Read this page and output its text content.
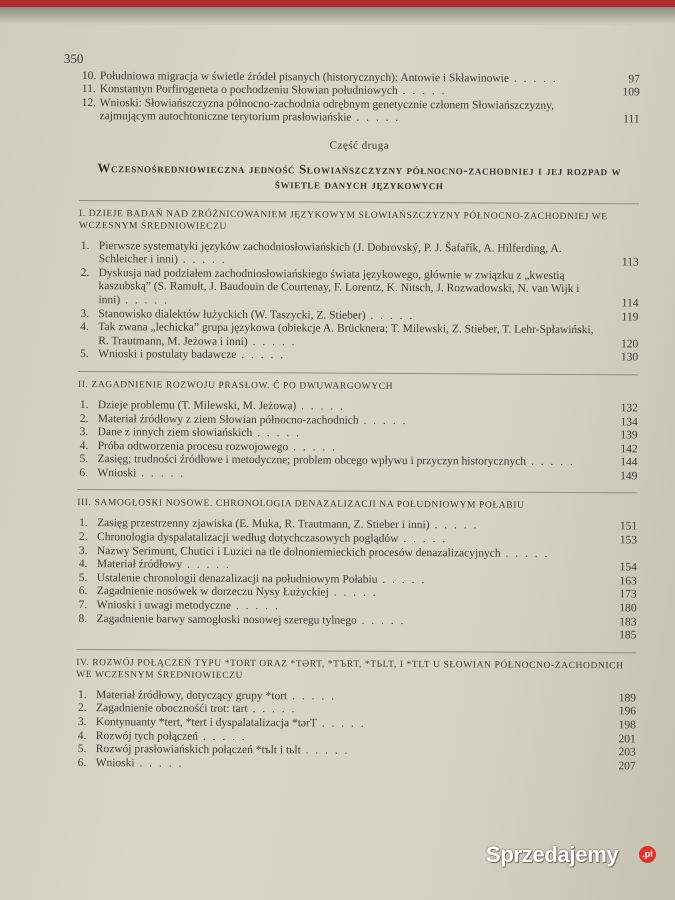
350
10. Południowa migracja w świetle źródeł pisanych (historycznych): Antowie i Skławinowie . . . . .	97
11. Konstantyn Porfirogeneta o pochodzeniu Słowian południowych . . . . .	109
12. Wnioski: Słowiańszczyzna północno-zachodnia odrębnym genetycznie członem Słowiańszczyzny, zajmującym autochtoniczne terytorium prasłowiańskie . . . . .	111
Część druga
Wczesnośredniowieczna jedność Słowiańszczyzny północno-zachodniej i jej rozpad w świetle danych językowych
I. DZIEJE BADAŃ NAD ZRÓŻNICOWANIEM JĘZYKOWYM SŁOWIAŃSZCZYZNY PÓŁNOCNO-ZACHODNIEJ WE WCZESNYM ŚREDNIOWIECZU
1. Pierwsze systematyki języków zachodniosłowiańskich (J. Dobrovský, P. J. Šafařík, A. Hilferding, A. Schleicher i inni) . . . . .	113
2. Dyskusja nad podziałem zachodniosłowiańskiego świata językowego, głównie w związku z „kwestią kaszubską” (S. Ramułt, J. Baudouin de Courtenay, F. Lorentz, K. Nitsch, J. Rozwadowski, N. van Wijk i inni) . . . . .	114
3. Stanowisko dialektów łużyckich (W. Taszycki, Z. Stieber) . . . . .	119
4. Tak zwana „lechicka” grupa językowa (obiekcje A. Brücknera; T. Milewski, Z. Stieber, T. Lehr-Spławiński, R. Trautmann, M. Jeżowa i inni) . . . . .	120
5. Wnioski i postulaty badawcze . . . . .	130
II. ZAGADNIENIE ROZWOJU PRASŁOW. Ĉ PO DWUWARGOWYCH
1. Dzieje problemu (T. Milewski, M. Jeżowa) . . . . .	132
2. Materiał źródłowy z ziem Słowian północno-zachodnich . . . . .	134
3. Dane z innych ziem słowiańskich . . . . .	139
4. Próba odtworzenia procesu rozwojowego . . . . .	142
5. Zasięg; trudności źródłowe i metodyczne; problem obcego wpływu i przyczyn historycznych . . . . .	144
6. Wnioski . . . . .	149
III. SAMOGŁOSKI NOSOWE. CHRONOLOGIA DENAZALIZACJI NA POŁUDNIOWYM POŁABIU
1. Zasięg przestrzenny zjawiska (E. Muka, R. Trautmann, Z. Stieber i inni) . . . . .	151
2. Chronologia dyspalatalizacji według dotychczasowych poglądów . . . . .	153
3. Nazwy Serimunt, Chutici i Luzici na tle dolnoniemieckich procesów denazalizacyjnych . . . . .
4. Materiał źródłowy . . . . .	154
5. Ustalenie chronologii denazalizacji na południowym Połabiu . . . . .	163
6. Zagadnienie nosówek w dorzeczu Nysy Łużyckiej . . . . .	173
7. Wnioski i uwagi metodyczne . . . . .	180
8. Zagadnienie barwy samogłoski nosowej szeregu tylnego . . . . .	183
185
IV. ROZWÓJ POŁĄCZEŃ TYPU *TORT ORAZ *TƏRT, *TЪRT, *TЬLT, I *TLT U SŁOWIAN PÓŁNOCNO-ZACHODNICH WE WCZESNYM ŚREDNIOWIECZU
1. Materiał źródłowy, dotyczący grupy *tort . . . . .	189
2. Zagadnienie obocznośći trot: tart . . . . .	196
3. Kontynuanty *tert, *tert i dyspalatalizacja *tərT . . . . .	198
4. Rozwój tych połączeń . . . . .	201
5. Rozwój prasłowiańskich połączeń *tъlt i tьlt . . . . .	203
6. Wnioski . . . . .	207
Sprzedajemy	.pl
